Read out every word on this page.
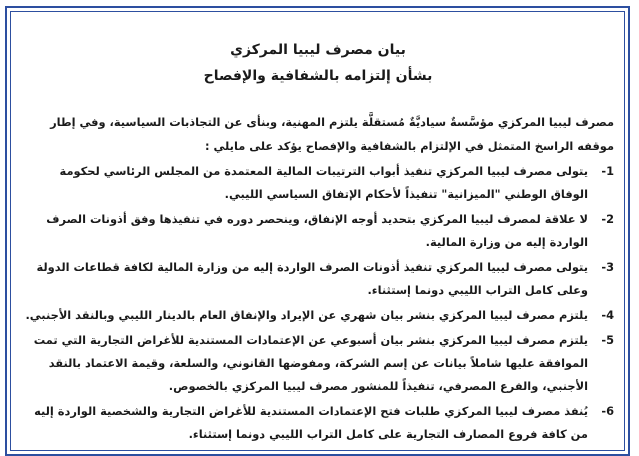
بيان مصرف ليبيا المركزي
بشأن إلتزامه بالشفافية والإفصاح
مصرف ليبيا المركزي مؤسَّسةٌ سياديَّةٌ مُستقلَّة يلتزم المهنية، وبنأى عن التجاذبات السياسية، وفي إطار موقفه الراسخ المتمثل في الإلتزام بالشفافية والإفصاح يؤكد على مايلي :
1-
يتولى مصرف ليبيا المركزي تنفيذ أبواب الترتيبات المالية المعتمدة من المجلس الرئاسي لحكومة الوفاق الوطني "الميزانية" تنفيذاً لأحكام الإتفاق السياسي الليبي.
2-
لا علاقة لمصرف ليبيا المركزي بتحديد أوجه الإنفاق، وينحصر دوره في تنفيذها وفق أذونات الصرف الواردة إليه من وزارة المالية.
3-
يتولى مصرف ليبيا المركزي تنفيذ أذونات الصرف الواردة إليه من وزارة المالية لكافة قطاعات الدولة وعلى كامل التراب الليبي دونما إستثناء.
4-
يلتزم مصرف ليبيا المركزي بنشر بيان شهري عن الإيراد والإنفاق العام بالدينار الليبي وبالنقد الأجنبي.
5-
يلتزم مصرف ليبيا المركزي بنشر بيان أسبوعي عن الإعتمادات المستندية للأغراض التجارية التي تمت الموافقة عليها شاملاً بيانات عن إسم الشركة، ومفوضها القانوني، والسلعة، وقيمة الاعتماد بالنقد الأجنبي، والفرع المصرفي، تنفيذاً للمنشور مصرف ليبيا المركزي بالخصوص.
6-
يُنفذ مصرف ليبيا المركزي طلبات فتح الإعتمادات المستندية للأغراض التجارية والشخصية الواردة إليه من كافة فروع المصارف التجارية على كامل التراب الليبي دونما إستثناء.
